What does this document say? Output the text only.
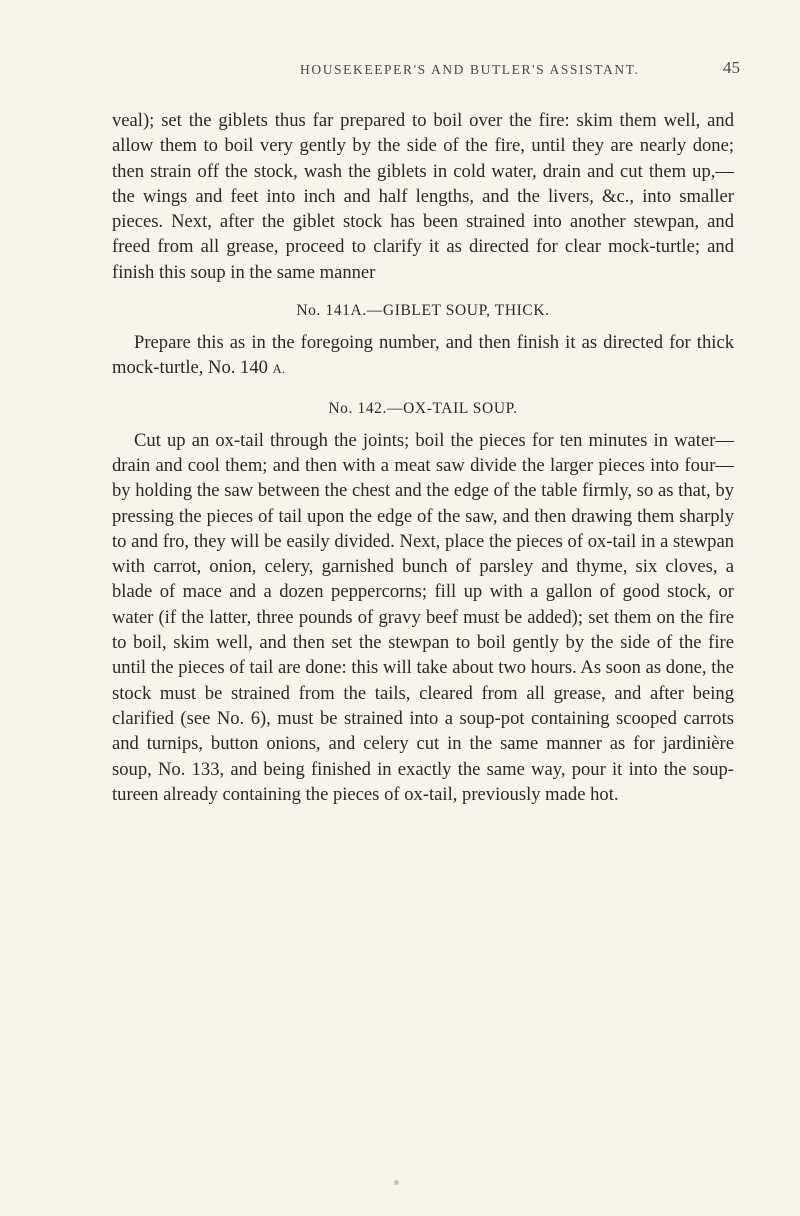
HOUSEKEEPER'S AND BUTLER'S ASSISTANT.	45

veal); set the giblets thus far prepared to boil over the fire: skim them well, and allow them to boil very gently by the side of the fire, until they are nearly done; then strain off the stock, wash the giblets in cold water, drain and cut them up,—the wings and feet into inch and half lengths, and the livers, &c., into smaller pieces. Next, after the giblet stock has been strained into another stewpan, and freed from all grease, proceed to clarify it as directed for clear mock-turtle; and finish this soup in the same manner

No. 141A.—GIBLET SOUP, THICK.

Prepare this as in the foregoing number, and then finish it as directed for thick mock-turtle, No. 140 A.

No. 142.—OX-TAIL SOUP.

Cut up an ox-tail through the joints; boil the pieces for ten minutes in water—drain and cool them; and then with a meat saw divide the larger pieces into four—by holding the saw between the chest and the edge of the table firmly, so as that, by pressing the pieces of tail upon the edge of the saw, and then drawing them sharply to and fro, they will be easily divided. Next, place the pieces of ox-tail in a stewpan with carrot, onion, celery, garnished bunch of parsley and thyme, six cloves, a blade of mace and a dozen peppercorns; fill up with a gallon of good stock, or water (if the latter, three pounds of gravy beef must be added); set them on the fire to boil, skim well, and then set the stewpan to boil gently by the side of the fire until the pieces of tail are done: this will take about two hours. As soon as done, the stock must be strained from the tails, cleared from all grease, and after being clarified (see No. 6), must be strained into a soup-pot containing scooped carrots and turnips, button onions, and celery cut in the same manner as for jardinière soup, No. 133, and being finished in exactly the same way, pour it into the soup-tureen already containing the pieces of ox-tail, previously made hot.
